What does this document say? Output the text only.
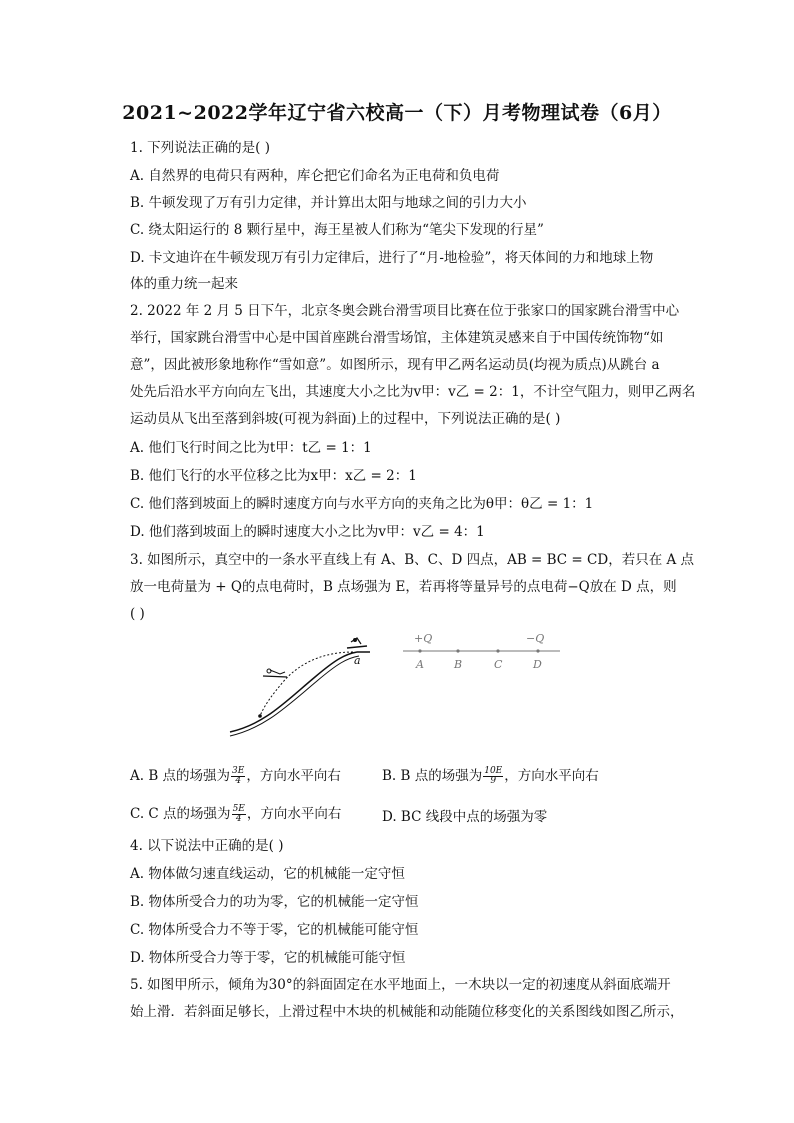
2021~2022学年辽宁省六校高一（下）月考物理试卷（6月）
1. 下列说法正确的是( )
A. 自然界的电荷只有两种，库仑把它们命名为正电荷和负电荷
B. 牛顿发现了万有引力定律，并计算出太阳与地球之间的引力大小
C. 绕太阳运行的 8 颗行星中，海王星被人们称为“笔尖下发现的行星”
D. 卡文迪许在牛顿发现万有引力定律后，进行了“月-地检验”，将天体间的力和地球上物
体的重力统一起来
2. 2022 年 2 月 5 日下午，北京冬奥会跳台滑雪项目比赛在位于张家口的国家跳台滑雪中心
举行，国家跳台滑雪中心是中国首座跳台滑雪场馆，主体建筑灵感来自于中国传统饰物“如
意”，因此被形象地称作“雪如意”。如图所示，现有甲乙两名运动员(均视为质点)从跳台 a
处先后沿水平方向向左飞出，其速度大小之比为v甲：v乙 = 2：1，不计空气阻力，则甲乙两名
运动员从飞出至落到斜坡(可视为斜面)上的过程中，下列说法正确的是( )
A. 他们飞行时间之比为t甲：t乙 = 1：1
B. 他们飞行的水平位移之比为x甲：x乙 = 2：1
C. 他们落到坡面上的瞬时速度方向与水平方向的夹角之比为θ甲：θ乙 = 1：1
D. 他们落到坡面上的瞬时速度大小之比为v甲：v乙 = 4：1
3. 如图所示，真空中的一条水平直线上有 A、B、C、D 四点，AB = BC = CD，若只在 A 点
放一电荷量为 + Q的点电荷时，B 点场强为 E，若再将等量异号的点电荷−Q放在 D 点，则
( )
a
+Q	−Q
A	B	C	D
A. B 点的场强为 $\frac{3E}{4}$ ，方向水平向右	B. B 点的场强为 $\frac{10E}{9}$ ，方向水平向右
C. C 点的场强为 $\frac{5E}{4}$ ，方向水平向右	D. BC 线段中点的场强为零
4. 以下说法中正确的是( )
A. 物体做匀速直线运动，它的机械能一定守恒
B. 物体所受合力的功为零，它的机械能一定守恒
C. 物体所受合力不等于零，它的机械能可能守恒
D. 物体所受合力等于零，它的机械能可能守恒
5. 如图甲所示，倾角为30°的斜面固定在水平地面上，一木块以一定的初速度从斜面底端开
始上滑．若斜面足够长，上滑过程中木块的机械能和动能随位移变化的关系图线如图乙所示，
